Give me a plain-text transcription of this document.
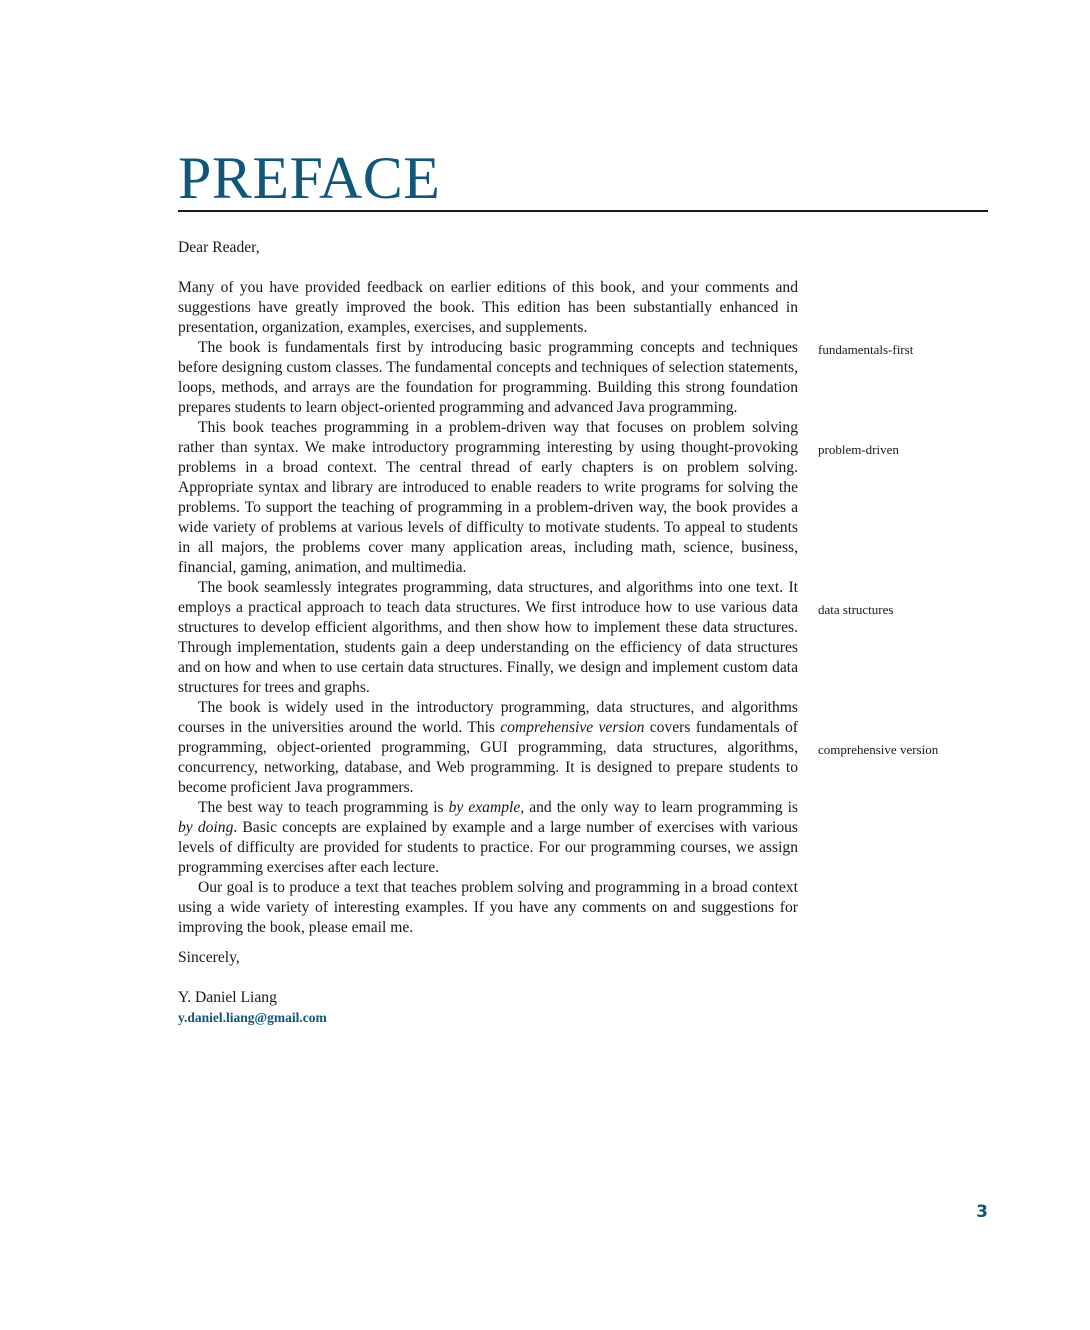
PREFACE

Dear Reader,

Many of you have provided feedback on earlier editions of this book, and your comments and suggestions have greatly improved the book. This edition has been substantially enhanced in presentation, organization, examples, exercises, and supplements.

The book is fundamentals first by introducing basic programming concepts and techniques before designing custom classes. The fundamental concepts and techniques of selection statements, loops, methods, and arrays are the foundation for programming. Building this strong foundation prepares students to learn object-oriented programming and advanced Java programming.

This book teaches programming in a problem-driven way that focuses on problem solving rather than syntax. We make introductory programming interesting by using thought-provoking problems in a broad context. The central thread of early chapters is on problem solving. Appropriate syntax and library are introduced to enable readers to write programs for solving the problems. To support the teaching of programming in a problem-driven way, the book provides a wide variety of problems at various levels of difficulty to motivate students. To appeal to students in all majors, the problems cover many application areas, including math, science, business, financial, gaming, animation, and multimedia.

The book seamlessly integrates programming, data structures, and algorithms into one text. It employs a practical approach to teach data structures. We first introduce how to use various data structures to develop efficient algorithms, and then show how to implement these data structures. Through implementation, students gain a deep understanding on the efficiency of data structures and on how and when to use certain data structures. Finally, we design and implement custom data structures for trees and graphs.

The book is widely used in the introductory programming, data structures, and algorithms courses in the universities around the world. This comprehensive version covers fundamentals of programming, object-oriented programming, GUI programming, data structures, algorithms, concurrency, networking, database, and Web programming. It is designed to prepare students to become proficient Java programmers.

The best way to teach programming is by example, and the only way to learn programming is by doing. Basic concepts are explained by example and a large number of exercises with various levels of difficulty are provided for students to practice. For our programming courses, we assign programming exercises after each lecture.

Our goal is to produce a text that teaches problem solving and programming in a broad context using a wide variety of interesting examples. If you have any comments on and suggestions for improving the book, please email me.

Sincerely,

Y. Daniel Liang

y.daniel.liang@gmail.com
fundamentals-first
problem-driven
data structures
comprehensive version
3
